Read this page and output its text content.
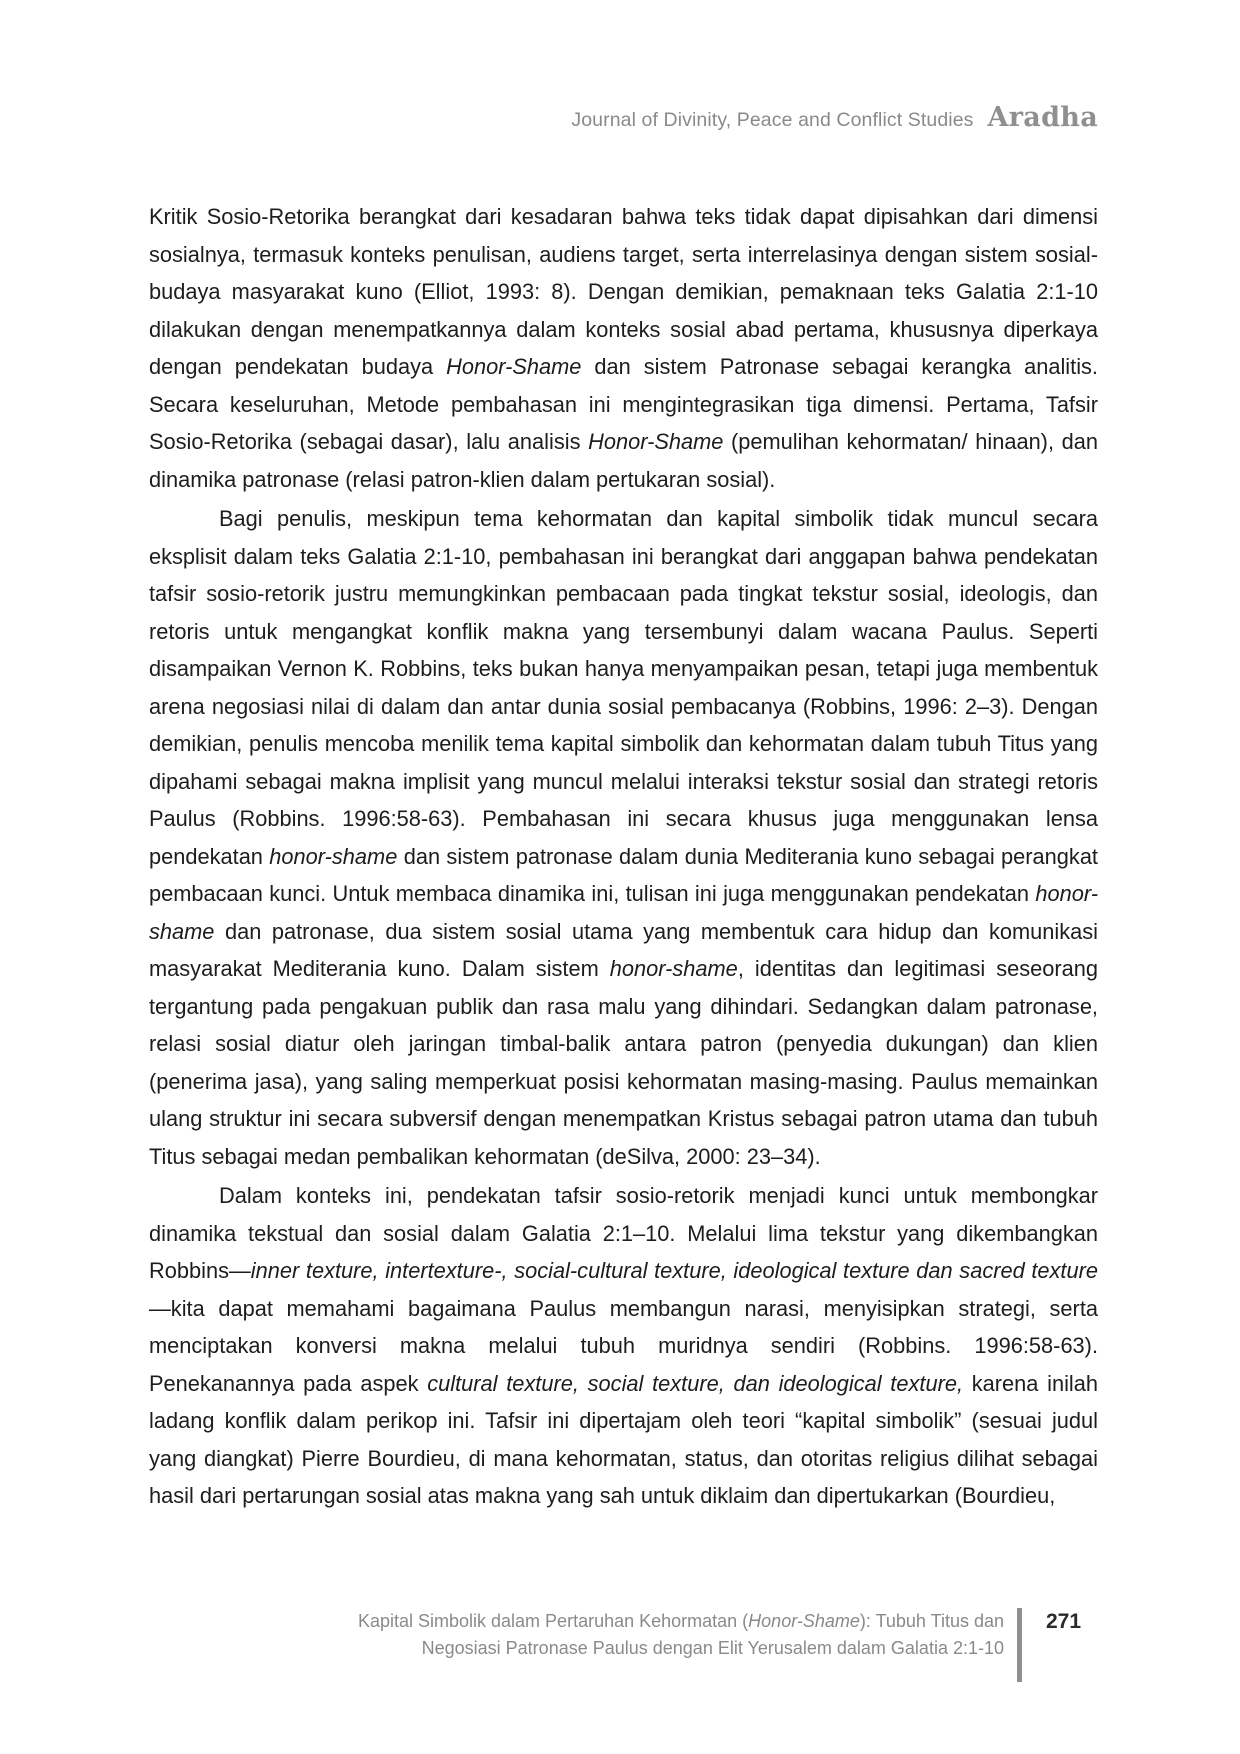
Journal of Divinity, Peace and Conflict Studies Aradha

Kritik Sosio-Retorika berangkat dari kesadaran bahwa teks tidak dapat dipisahkan dari dimensi sosialnya, termasuk konteks penulisan, audiens target, serta interrelasinya dengan sistem sosial-budaya masyarakat kuno (Elliot, 1993: 8). Dengan demikian, pemaknaan teks Galatia 2:1-10 dilakukan dengan menempatkannya dalam konteks sosial abad pertama, khususnya diperkaya dengan pendekatan budaya Honor-Shame dan sistem Patronase sebagai kerangka analitis. Secara keseluruhan, Metode pembahasan ini mengintegrasikan tiga dimensi. Pertama, Tafsir Sosio-Retorika (sebagai dasar), lalu analisis Honor-Shame (pemulihan kehormatan/ hinaan), dan dinamika patronase (relasi patron-klien dalam pertukaran sosial).

Bagi penulis, meskipun tema kehormatan dan kapital simbolik tidak muncul secara eksplisit dalam teks Galatia 2:1-10, pembahasan ini berangkat dari anggapan bahwa pendekatan tafsir sosio-retorik justru memungkinkan pembacaan pada tingkat tekstur sosial, ideologis, dan retoris untuk mengangkat konflik makna yang tersembunyi dalam wacana Paulus. Seperti disampaikan Vernon K. Robbins, teks bukan hanya menyampaikan pesan, tetapi juga membentuk arena negosiasi nilai di dalam dan antar dunia sosial pembacanya (Robbins, 1996: 2–3). Dengan demikian, penulis mencoba menilik tema kapital simbolik dan kehormatan dalam tubuh Titus yang dipahami sebagai makna implisit yang muncul melalui interaksi tekstur sosial dan strategi retoris Paulus (Robbins. 1996:58-63). Pembahasan ini secara khusus juga menggunakan lensa pendekatan honor-shame dan sistem patronase dalam dunia Mediterania kuno sebagai perangkat pembacaan kunci. Untuk membaca dinamika ini, tulisan ini juga menggunakan pendekatan honor-shame dan patronase, dua sistem sosial utama yang membentuk cara hidup dan komunikasi masyarakat Mediterania kuno. Dalam sistem honor-shame, identitas dan legitimasi seseorang tergantung pada pengakuan publik dan rasa malu yang dihindari. Sedangkan dalam patronase, relasi sosial diatur oleh jaringan timbal-balik antara patron (penyedia dukungan) dan klien (penerima jasa), yang saling memperkuat posisi kehormatan masing-masing. Paulus memainkan ulang struktur ini secara subversif dengan menempatkan Kristus sebagai patron utama dan tubuh Titus sebagai medan pembalikan kehormatan (deSilva, 2000: 23–34).

Dalam konteks ini, pendekatan tafsir sosio-retorik menjadi kunci untuk membongkar dinamika tekstual dan sosial dalam Galatia 2:1–10. Melalui lima tekstur yang dikembangkan Robbins—inner texture, intertexture-, social-cultural texture, ideological texture dan sacred texture—kita dapat memahami bagaimana Paulus membangun narasi, menyisipkan strategi, serta menciptakan konversi makna melalui tubuh muridnya sendiri (Robbins. 1996:58-63). Penekanannya pada aspek cultural texture, social texture, dan ideological texture, karena inilah ladang konflik dalam perikop ini. Tafsir ini dipertajam oleh teori “kapital simbolik” (sesuai judul yang diangkat) Pierre Bourdieu, di mana kehormatan, status, dan otoritas religius dilihat sebagai hasil dari pertarungan sosial atas makna yang sah untuk diklaim dan dipertukarkan (Bourdieu,

Kapital Simbolik dalam Pertaruhan Kehormatan (Honor-Shame): Tubuh Titus dan
Negosiasi Patronase Paulus dengan Elit Yerusalem dalam Galatia 2:1-10
271
